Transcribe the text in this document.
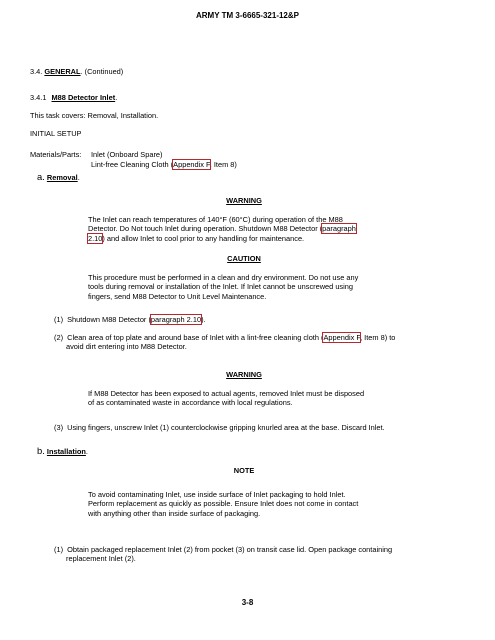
ARMY TM 3-6665-321-12&P
3.4. GENERAL. (Continued)
3.4.1 M88 Detector Inlet.
This task covers: Removal, Installation.
INITIAL SETUP
Materials/Parts: Inlet (Onboard Spare)
Lint-free Cleaning Cloth (Appendix F, Item 8)
a. Removal.
WARNING

The Inlet can reach temperatures of 140°F (60°C) during operation of the M88

Detector. Do Not touch Inlet during operation. Shutdown M88 Detector (paragraph

2.10) and allow Inlet to cool prior to any handling for maintenance.

CAUTION

This procedure must be performed in a clean and dry environment. Do not use any

tools during removal or installation of the Inlet. If Inlet cannot be unscrewed using

fingers, send M88 Detector to Unit Level Maintenance.

(1) Shutdown M88 Detector (paragraph 2.10).

(2) Clean area of top plate and around base of Inlet with a lint-free cleaning cloth (Appendix F, Item 8) to

avoid dirt entering into M88 Detector.

WARNING

If M88 Detector has been exposed to actual agents, removed Inlet must be disposed

of as contaminated waste in accordance with local regulations.

(3) Using fingers, unscrew Inlet (1) counterclockwise gripping knurled area at the base. Discard Inlet.
b. Installation.
NOTE

To avoid contaminating Inlet, use inside surface of Inlet packaging to hold Inlet.

Perform replacement as quickly as possible. Ensure Inlet does not come in contact

with anything other than inside surface of packaging.

(1) Obtain packaged replacement Inlet (2) from pocket (3) on transit case lid. Open package containing

replacement Inlet (2).

3-8
